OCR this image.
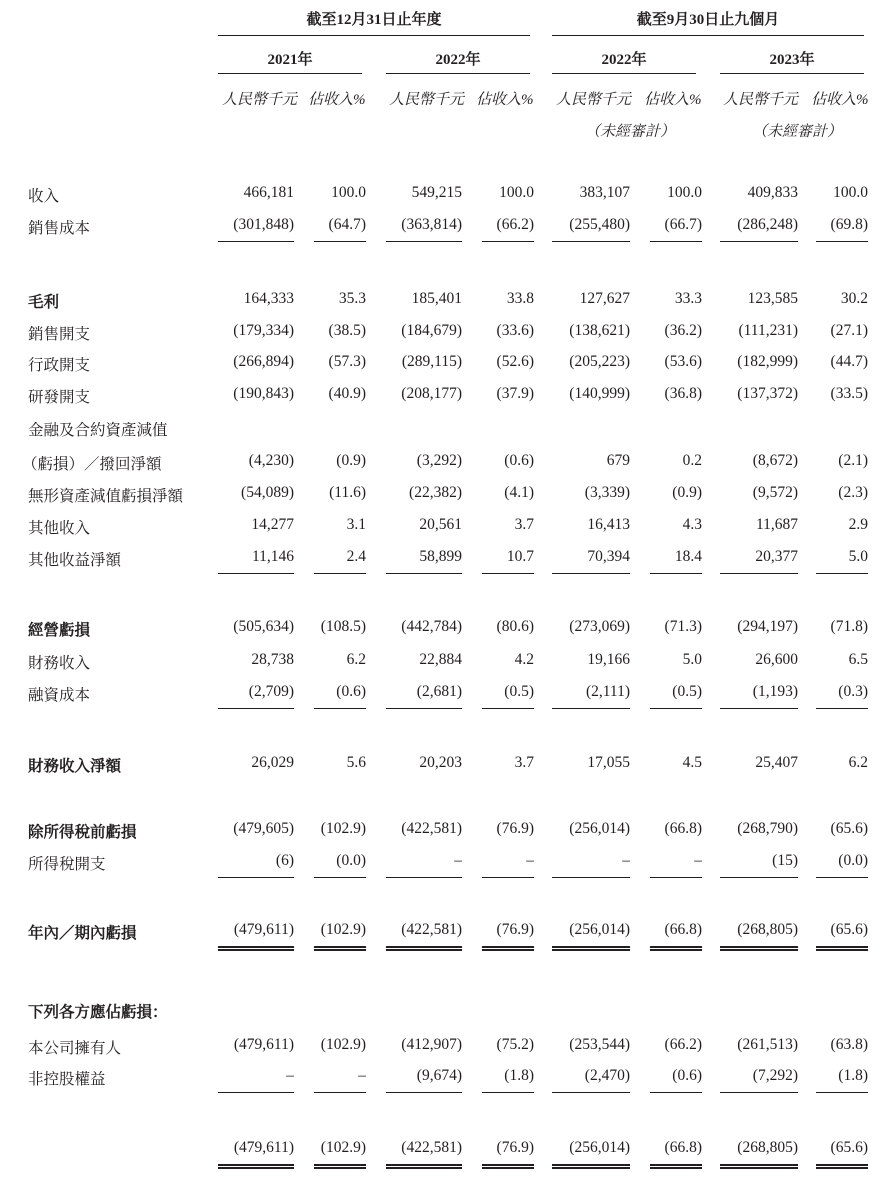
截至12月31日止年度	截至9月30日止九個月
2021年	2022年	2022年	2023年
人民幣千元 佔收入% 人民幣千元 佔收入% 人民幣千元 佔收入% 人民幣千元 佔收入%
（未經審計）	（未經審計）
收入	466,181 100.0	549,215 100.0	383,107 100.0	409,833 100.0
銷售成本	(301,848) (64.7) (363,814) (66.2) (255,480) (66.7) (286,248) (69.8)
毛利	164,333	35.3	185,401	33.8	127,627	33.3	123,585	30.2
銷售開支	(179,334) (38.5) (184,679) (33.6) (138,621) (36.2) (111,231) (27.1)
行政開支	(266,894) (57.3) (289,115) (52.6) (205,223) (53.6) (182,999) (44.7)
研發開支	(190,843) (40.9) (208,177) (37.9) (140,999) (36.8) (137,372) (33.5)
金融及合約資產減值
（虧損）／撥回淨額	(4,230)	(0.9)	(3,292)	(0.6)	679	0.2	(8,672)	(2.1)
無形資產減值虧損淨額	(54,089) (11.6)	(22,382)	(4.1)	(3,339)	(0.9)	(9,572)	(2.3)
其他收入	14,277	3.1	20,561	3.7	16,413	4.3	11,687	2.9
其他收益淨額	11,146	2.4	58,899	10.7	70,394	18.4	20,377	5.0
經營虧損	(505,634) (108.5) (442,784) (80.6) (273,069) (71.3) (294,197) (71.8)
財務收入	28,738	6.2	22,884	4.2	19,166	5.0	26,600	6.5
融資成本	(2,709)	(0.6)	(2,681)	(0.5)	(2,111)	(0.5)	(1,193)	(0.3)
財務收入淨額	26,029	5.6	20,203	3.7	17,055	4.5	25,407	6.2
除所得稅前虧損	(479,605) (102.9) (422,581) (76.9) (256,014) (66.8) (268,790) (65.6)
所得稅開支	(6)	(0.0)	–	–	–	–	(15)	(0.0)
年內／期內虧損	(479,611) (102.9) (422,581) (76.9) (256,014) (66.8) (268,805) (65.6)
下列各方應佔虧損：
本公司擁有人	(479,611) (102.9) (412,907) (75.2) (253,544) (66.2) (261,513) (63.8)
非控股權益	–	–	(9,674)	(1.8)	(2,470)	(0.6)	(7,292)	(1.8)
(479,611) (102.9) (422,581) (76.9) (256,014) (66.8) (268,805) (65.6)
